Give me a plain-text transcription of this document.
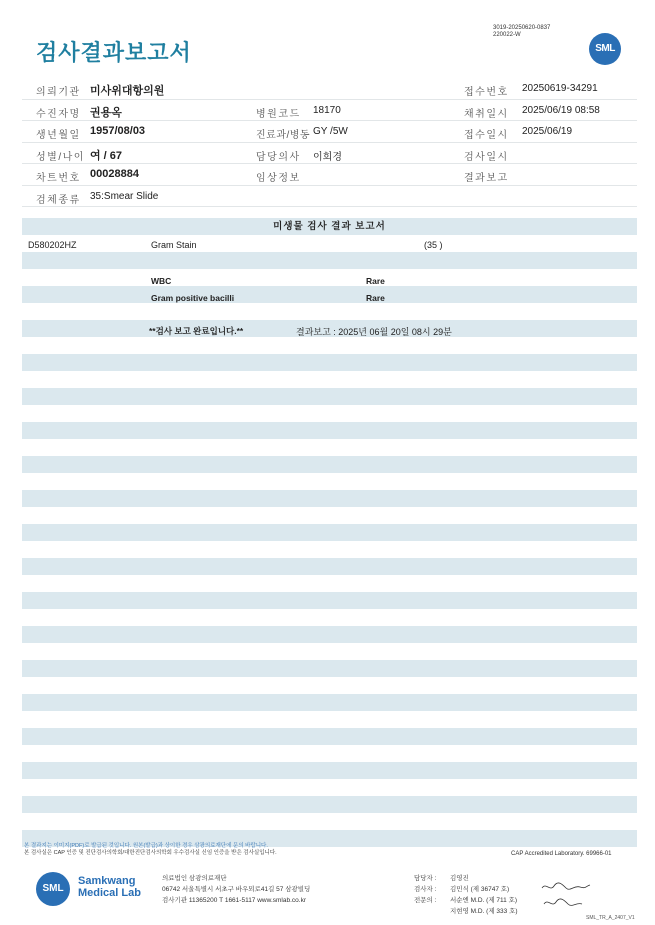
검사결과보고서
3019-20250620-0837
220022-W
SML
의뢰기관 미사위대항의원	접수번호 20250619-34291
수진자명 권용옥	병원코드 18170	채취일시 2025/06/19 08:58
생년월일 1957/08/03	진료과/병동 GY /5W	접수일시 2025/06/19
성별/나이 여 / 67	담당의사 이희경	검사일시
차트번호 00028884	임상정보	결과보고
검체종류 35:Smear Slide
미생물 검사 결과 보고서
D580202HZ	Gram Stain	(35 )
WBC	Rare
Gram positive bacilli	Rare
**검사 보고 완료입니다.**	결과보고 : 2025년 06월 20일 08시 29분
본 결과지는 이미지(PDF)로 발급된 것입니다. 원본(발급)과 상이한 경우 삼광의료재단에 문의 바랍니다.
본 검사실은 CAP 인증 및 진단검사의학회/대한진단검사의학회 우수검사실 신임 인증을 받은 검사실입니다.	CAP Accredited Laboratory. 69966-01
SML
Samkwang
Medical Lab
의료법인 삼광의료재단
06742 서울특별시 서초구 바우뫼로41길 57 삼광빌딩
검사기관 11365200 T 1661-5117 www.smlab.co.kr
담당자 :	김영진
검사자 :	김민식 (제 36747 호)
전문의 :	서순엔 M.D. (제 711 호)
지현영 M.D. (제 333 호)
SML_TR_A_2407_V1
